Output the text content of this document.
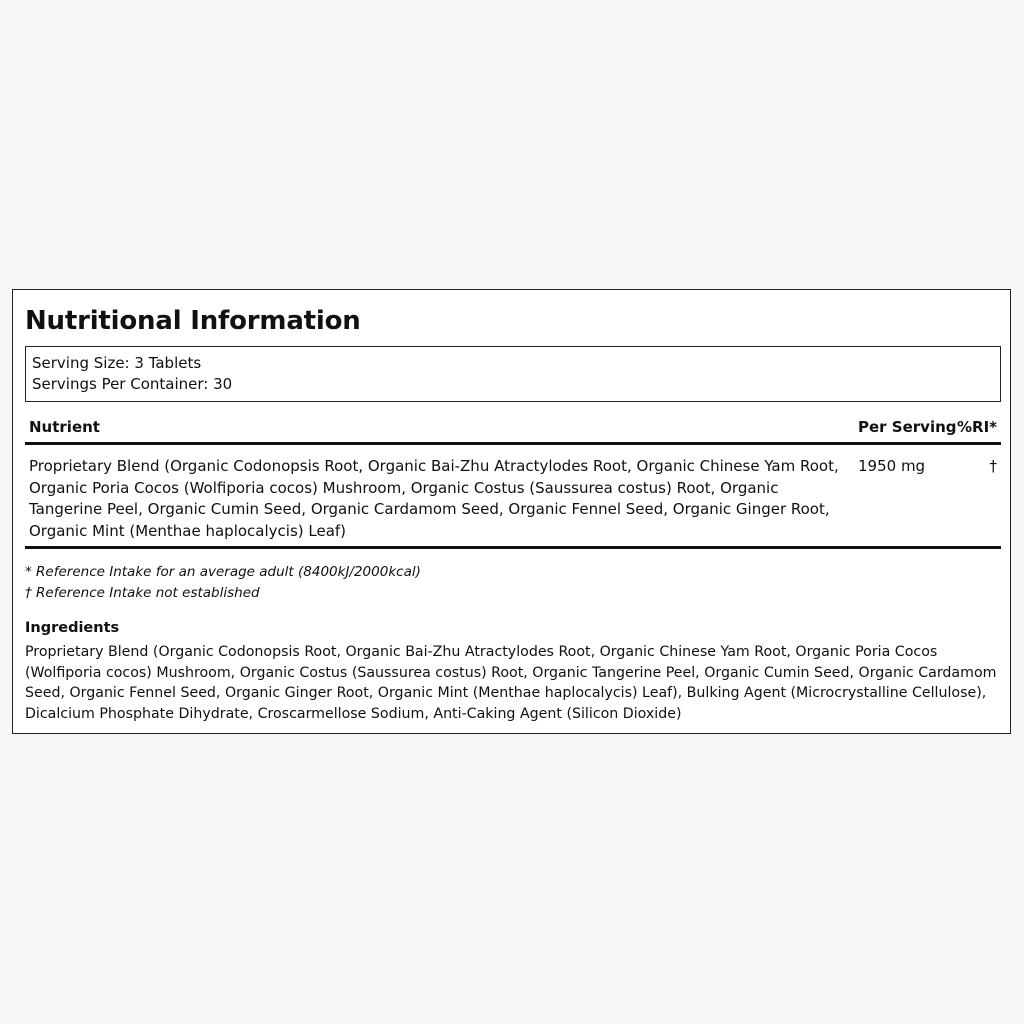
Nutritional Information
Serving Size: 3 Tablets
Servings Per Container: 30
Nutrient	Per Serving %RI*
Proprietary Blend (Organic Codonopsis Root, Organic Bai-Zhu Atractylodes Root, Organic Chinese Yam Root, Organic Poria Cocos (Wolfiporia cocos) Mushroom, Organic Costus (Saussurea costus) Root, Organic Tangerine Peel, Organic Cumin Seed, Organic Cardamom Seed, Organic Fennel Seed, Organic Ginger Root, Organic Mint (Menthae haplocalycis) Leaf)
1950 mg	†
* Reference Intake for an average adult (8400kJ/2000kcal)
† Reference Intake not established
Ingredients
Proprietary Blend (Organic Codonopsis Root, Organic Bai-Zhu Atractylodes Root, Organic Chinese Yam Root, Organic Poria Cocos (Wolfiporia cocos) Mushroom, Organic Costus (Saussurea costus) Root, Organic Tangerine Peel, Organic Cumin Seed, Organic Cardamom Seed, Organic Fennel Seed, Organic Ginger Root, Organic Mint (Menthae haplocalycis) Leaf), Bulking Agent (Microcrystalline Cellulose), Dicalcium Phosphate Dihydrate, Croscarmellose Sodium, Anti-Caking Agent (Silicon Dioxide)
